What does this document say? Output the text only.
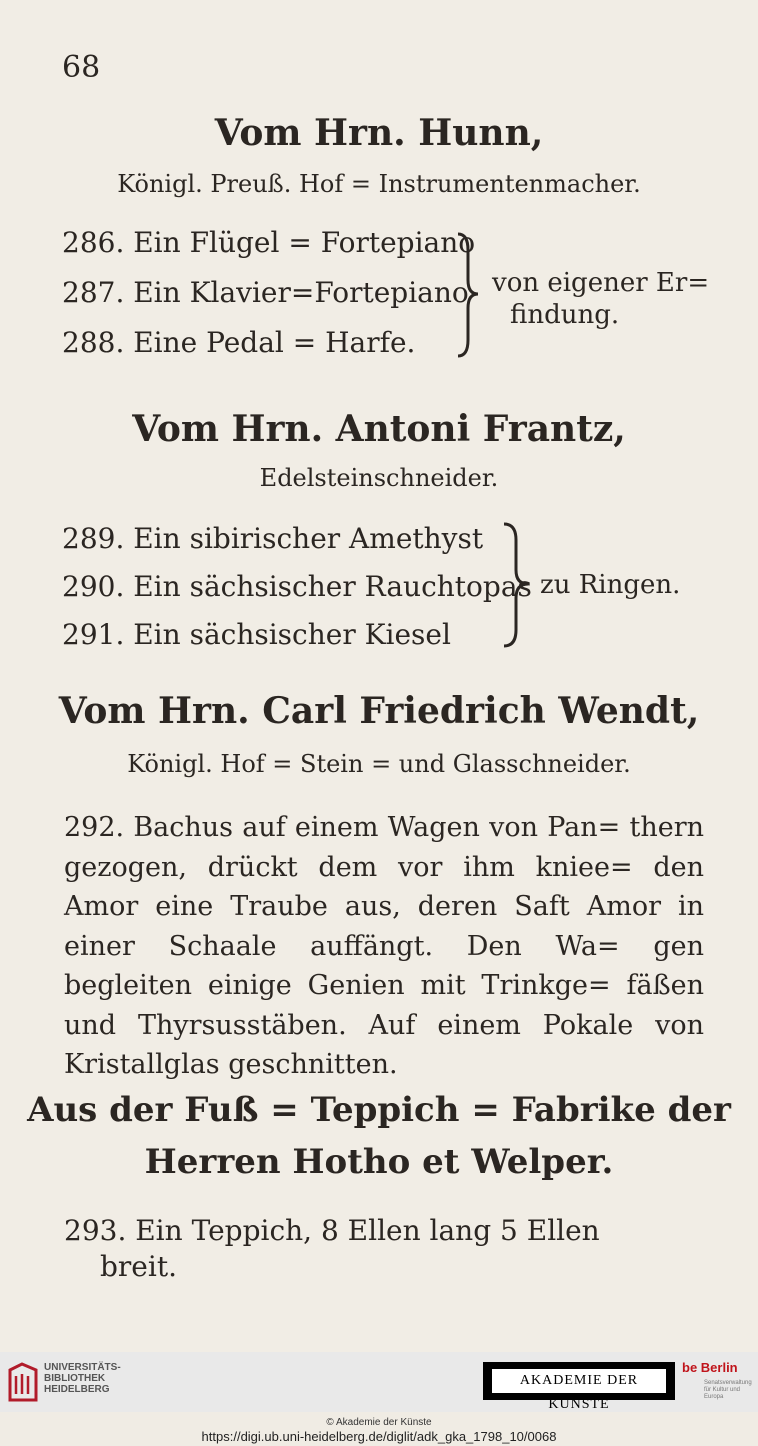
68
Vom Hrn. Hunn,
Königl. Preuß. Hof = Instrumentenmacher.
286. Ein Flügel = Fortepiano
287. Ein Klavier=Fortepiano
288. Eine Pedal = Harfe.
von eigener Er=
findung.
Vom Hrn. Antoni Frantz,
Edelsteinschneider.
289. Ein sibirischer Amethyst
290. Ein sächsischer Rauchtopas
291. Ein sächsischer Kiesel
zu Ringen.
Vom Hrn. Carl Friedrich Wendt,
Königl. Hof = Stein = und Glasschneider.
292. Bachus auf einem Wagen von Pan= thern gezogen, drückt dem vor ihm kniee= den Amor eine Traube aus, deren Saft Amor in einer Schaale auffängt. Den Wa= gen begleiten einige Genien mit Trinkge= fäßen und Thyrsusstäben. Auf einem Pokale von Kristallglas geschnitten.
Aus der Fuß = Teppich = Fabrike der
Herren Hotho et Welper.
293. Ein Teppich, 8 Ellen lang 5 Ellen
breit.
UNIVERSITÄTS- BIBLIOTHEK HEIDELBERG
AKADEMIE DER KÜNSTE
be Berlin
Senatsverwaltung für Kultur und Europa
© Akademie der Künste
https://digi.ub.uni-heidelberg.de/diglit/adk_gka_1798_10/0068
